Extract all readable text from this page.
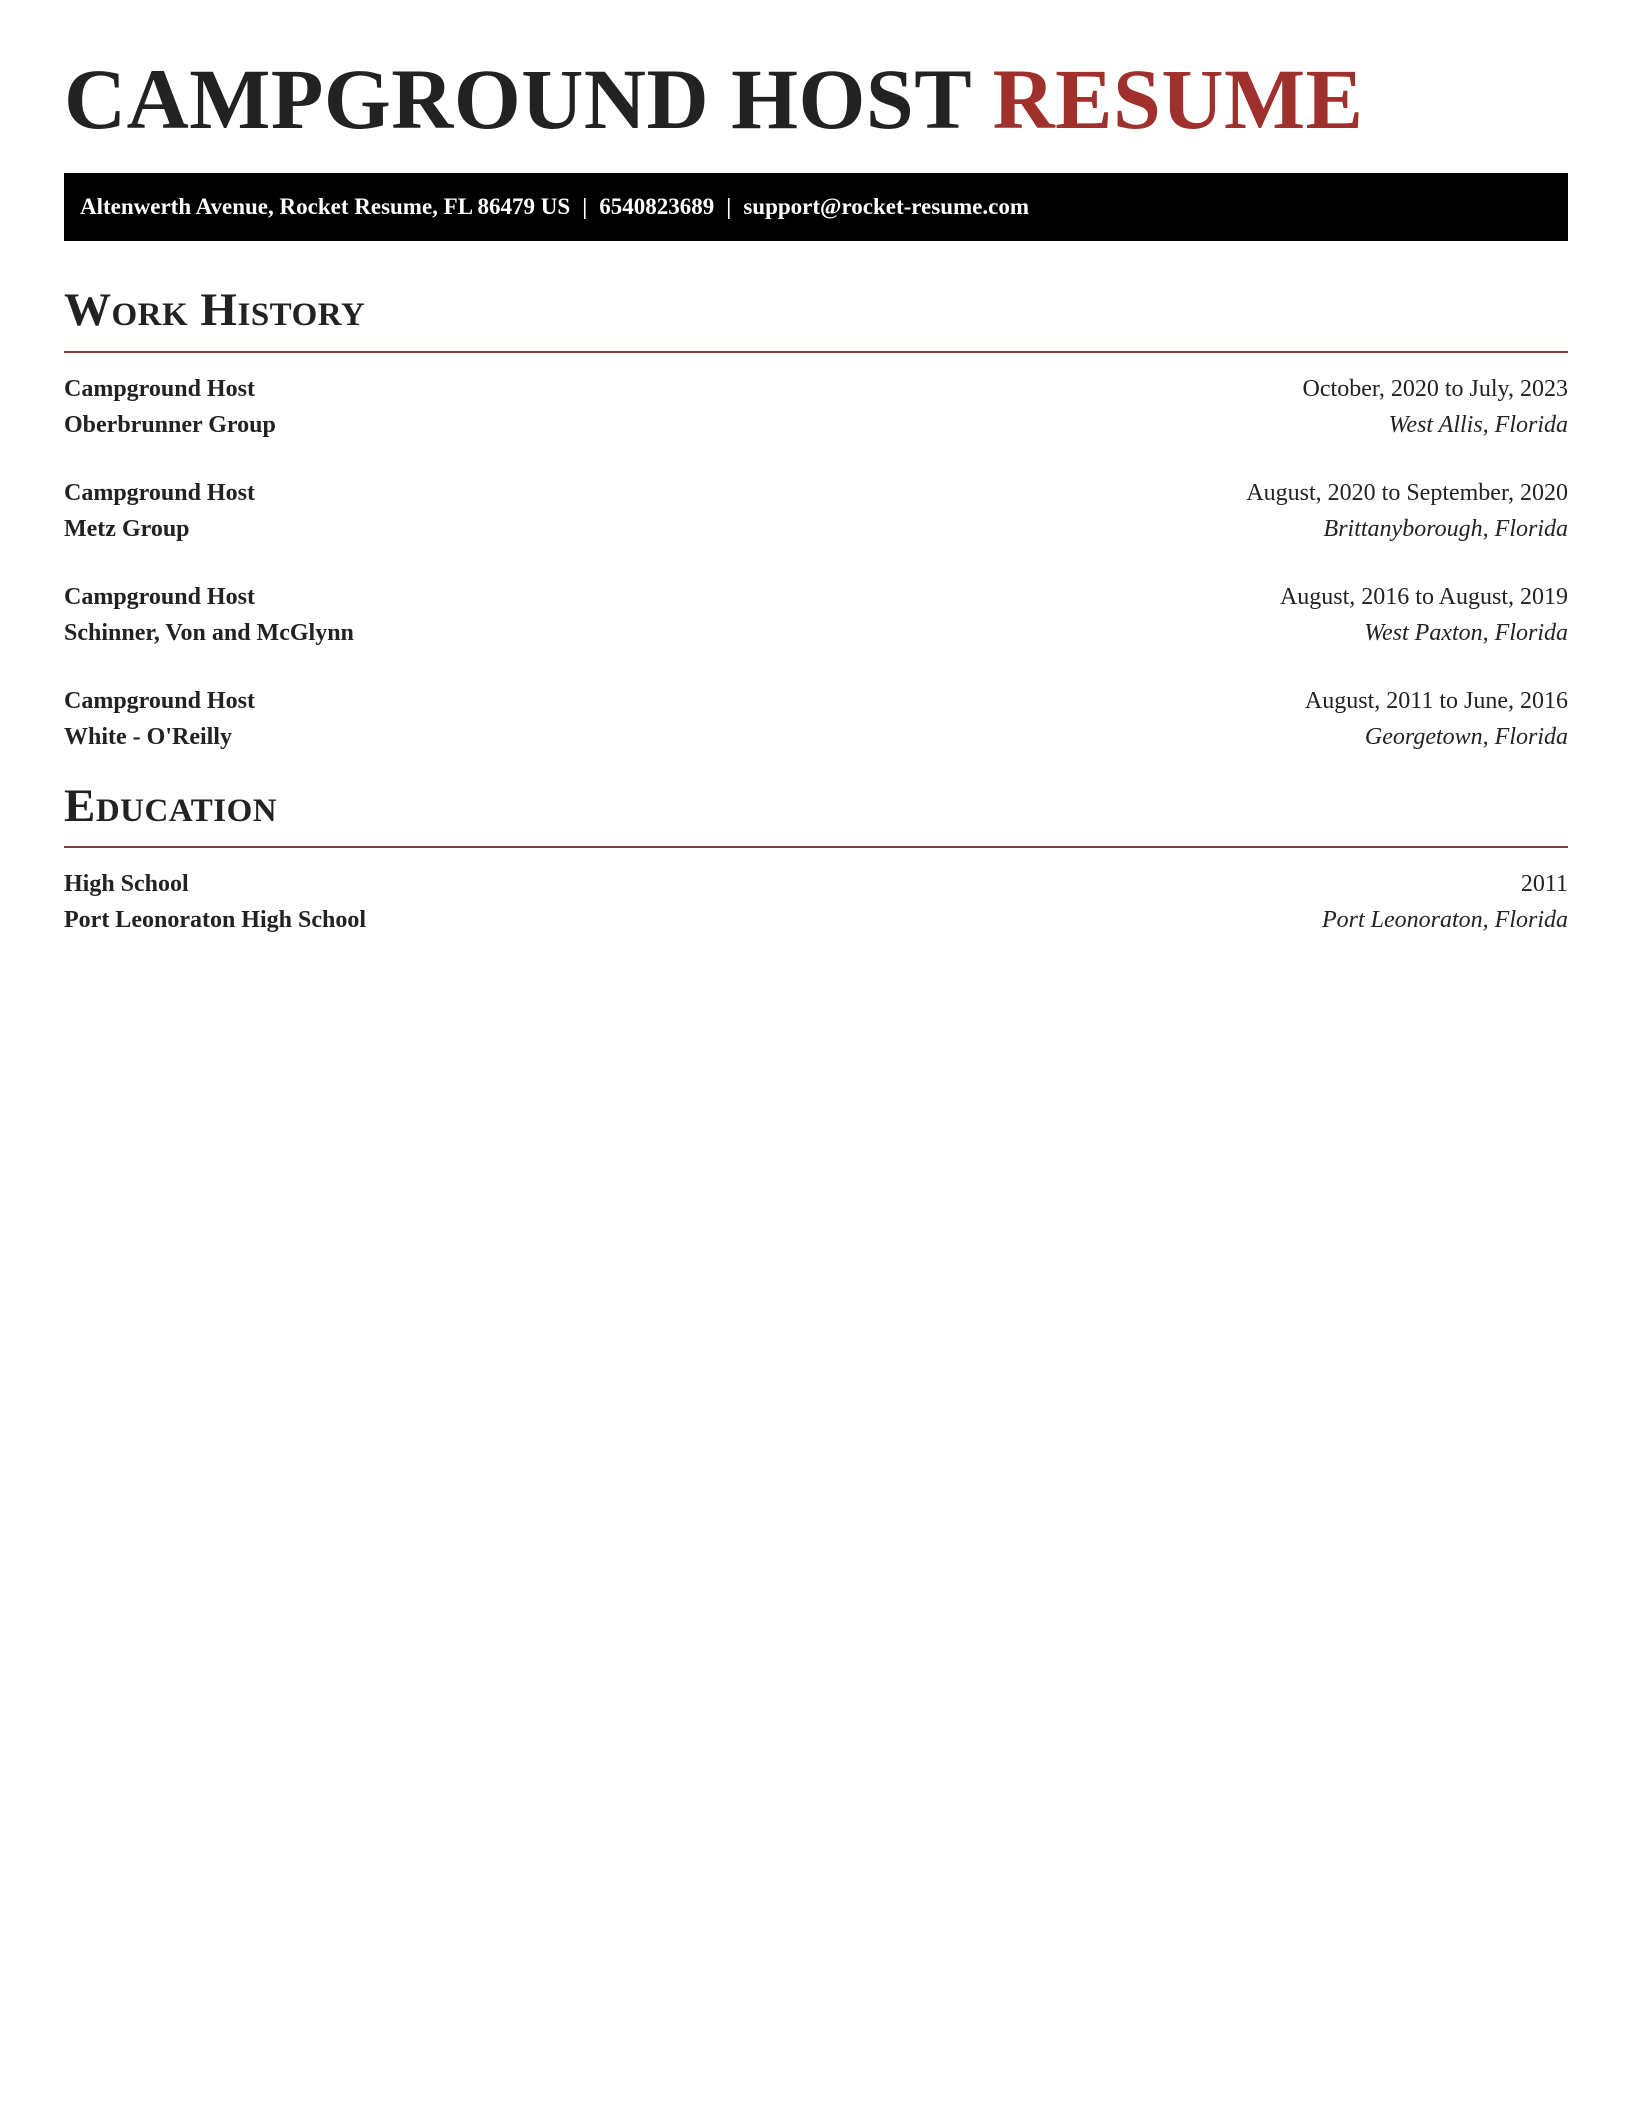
CAMPGROUND HOST RESUME
Altenwerth Avenue, Rocket Resume, FL 86479 US | 6540823689 | support@rocket-resume.com
Work History
Campground Host	October, 2020 to July, 2023
Oberbrunner Group	West Allis, Florida
Campground Host	August, 2020 to September, 2020
Metz Group	Brittanyborough, Florida
Campground Host	August, 2016 to August, 2019
Schinner, Von and McGlynn	West Paxton, Florida
Campground Host	August, 2011 to June, 2016
White - O'Reilly	Georgetown, Florida
Education
High School	2011
Port Leonoraton High School	Port Leonoraton, Florida
